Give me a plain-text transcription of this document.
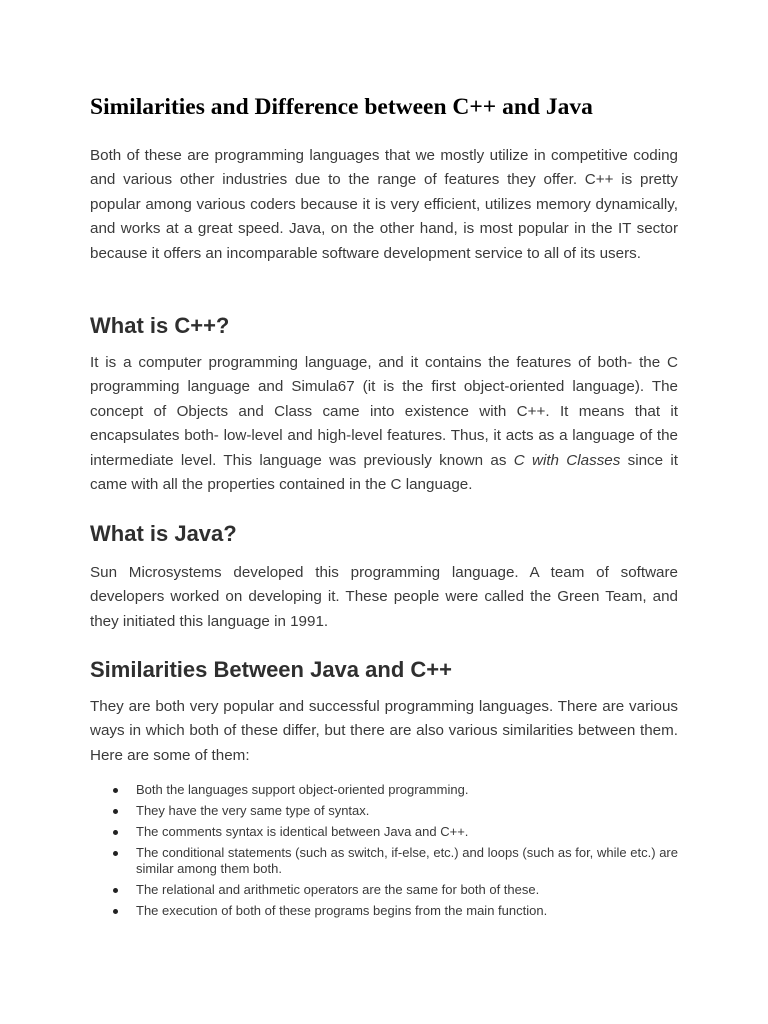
Similarities and Difference between C++ and Java

Both of these are programming languages that we mostly utilize in competitive coding and various other industries due to the range of features they offer. C++ is pretty popular among various coders because it is very efficient, utilizes memory dynamically, and works at a great speed. Java, on the other hand, is most popular in the IT sector because it offers an incomparable software development service to all of its users.

What is C++?

It is a computer programming language, and it contains the features of both- the C programming language and Simula67 (it is the first object-oriented language). The concept of Objects and Class came into existence with C++. It means that it encapsulates both- low-level and high-level features. Thus, it acts as a language of the intermediate level. This language was previously known as C with Classes since it came with all the properties contained in the C language.

What is Java?

Sun Microsystems developed this programming language. A team of software developers worked on developing it. These people were called the Green Team, and they initiated this language in 1991.

Similarities Between Java and C++

They are both very popular and successful programming languages. There are various ways in which both of these differ, but there are also various similarities between them. Here are some of them:

Both the languages support object-oriented programming.
They have the very same type of syntax.
The comments syntax is identical between Java and C++.
The conditional statements (such as switch, if-else, etc.) and loops (such as for, while etc.) are similar among them both.
The relational and arithmetic operators are the same for both of these.
The execution of both of these programs begins from the main function.
